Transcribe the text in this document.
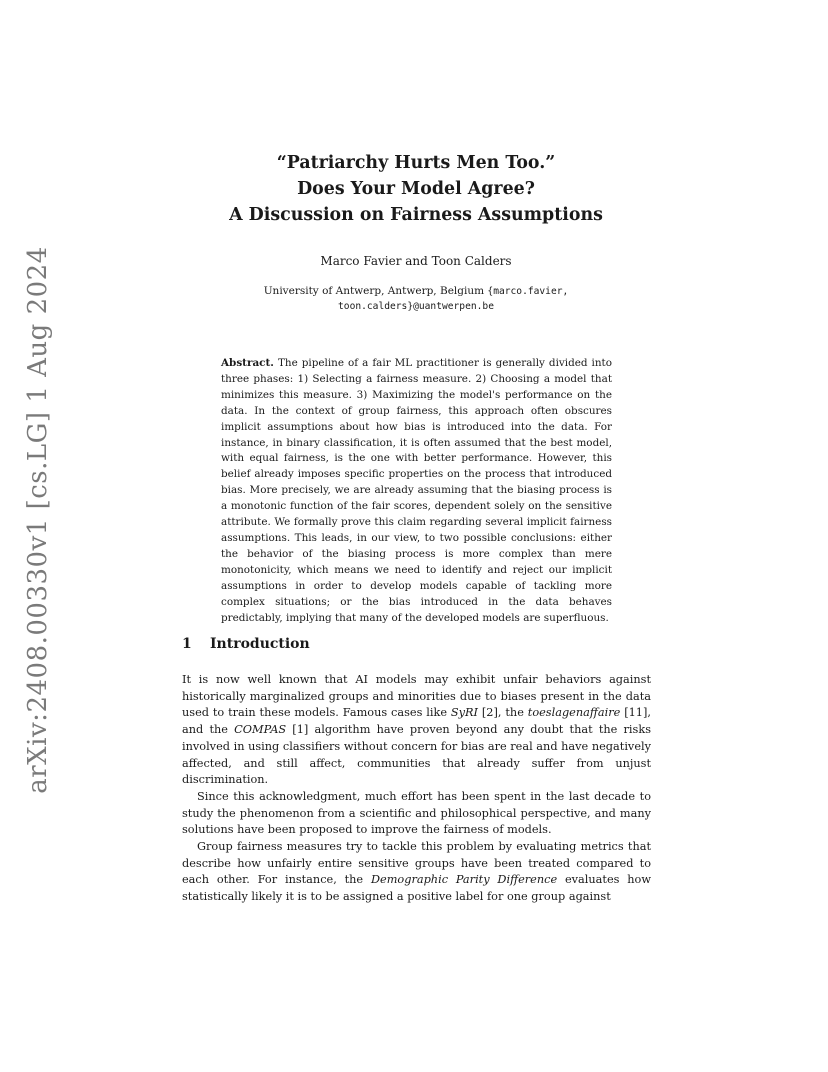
arXiv:2408.00330v1 [cs.LG] 1 Aug 2024
“Patriarchy Hurts Men Too.”
Does Your Model Agree?
A Discussion on Fairness Assumptions
Marco Favier and Toon Calders
University of Antwerp, Antwerp, Belgium {marco.favier,
toon.calders}@uantwerpen.be
Abstract. The pipeline of a fair ML practitioner is generally divided into three phases: 1) Selecting a fairness measure. 2) Choosing a model that minimizes this measure. 3) Maximizing the model's performance on the data. In the context of group fairness, this approach often obscures implicit assumptions about how bias is introduced into the data. For instance, in binary classification, it is often assumed that the best model, with equal fairness, is the one with better performance. However, this belief already imposes specific properties on the process that introduced bias. More precisely, we are already assuming that the biasing process is a monotonic function of the fair scores, dependent solely on the sensitive attribute. We formally prove this claim regarding several implicit fairness assumptions. This leads, in our view, to two possible conclusions: either the behavior of the biasing process is more complex than mere monotonicity, which means we need to identify and reject our implicit assumptions in order to develop models capable of tackling more complex situations; or the bias introduced in the data behaves predictably, implying that many of the developed models are superfluous.
1 Introduction

It is now well known that AI models may exhibit unfair behaviors against historically marginalized groups and minorities due to biases present in the data used to train these models. Famous cases like SyRI [2], the toeslagenaffaire [11], and the COMPAS [1] algorithm have proven beyond any doubt that the risks involved in using classifiers without concern for bias are real and have negatively affected, and still affect, communities that already suffer from unjust discrimination.

Since this acknowledgment, much effort has been spent in the last decade to study the phenomenon from a scientific and philosophical perspective, and many solutions have been proposed to improve the fairness of models.

Group fairness measures try to tackle this problem by evaluating metrics that describe how unfairly entire sensitive groups have been treated compared to each other. For instance, the Demographic Parity Difference evaluates how statistically likely it is to be assigned a positive label for one group against
